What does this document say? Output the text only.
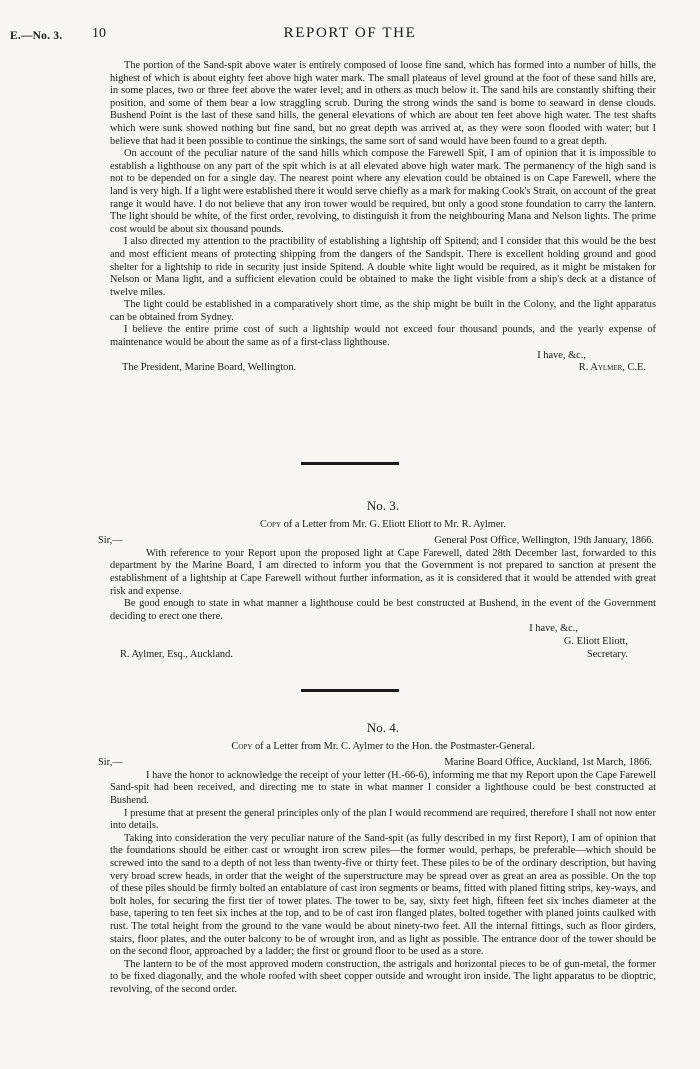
E.—No. 3. 10	REPORT OF THE

The portion of the Sand-spit above water is entirely composed of loose fine sand, which has formed into a number of hills, the highest of which is about eighty feet above high water mark. The small plateaus of level ground at the foot of these sand hills are, in some places, two or three feet above the water level; and in others as much below it. The sand hils are constantly shifting their position, and some of them bear a low straggling scrub. During the strong winds the sand is borne to seaward in dense clouds. Bushend Point is the last of these sand hills, the general elevations of which are about ten feet above high water. The test shafts which were sunk showed nothing but fine sand, but no great depth was arrived at, as they were soon flooded with water; but I believe that had it been possible to continue the sinkings, the same sort of sand would have been found to a great depth.

On account of the peculiar nature of the sand hills which compose the Farewell Spit, I am of opinion that it is impossible to establish a lighthouse on any part of the spit which is at all elevated above high water mark. The permanency of the high sand is not to be depended on for a single day. The nearest point where any elevation could be obtained is on Cape Farewell, where the land is very high. If a light were established there it would serve chiefly as a mark for making Cook's Strait, on account of the great range it would have. I do not believe that any iron tower would be required, but only a good stone foundation to carry the lantern. The light should be white, of the first order, revolving, to distinguish it from the neighbouring Mana and Nelson lights. The prime cost would be about six thousand pounds.

I also directed my attention to the practibility of establishing a lightship off Spitend; and I consider that this would be the best and most efficient means of protecting shipping from the dangers of the Sandspit. There is excellent holding ground and good shelter for a lightship to ride in security just inside Spitend. A double white light would be required, as it might be mistaken for Nelson or Mana light, and a sufficient elevation could be obtained to make the light visible from a ship's deck at a distance of twelve miles.

The light could be established in a comparatively short time, as the ship might be built in the Colony, and the light apparatus can be obtained from Sydney.

I believe the entire prime cost of such a lightship would not exceed four thousand pounds, and the yearly expense of maintenance would be about the same as of a first-class lighthouse.

I have, &c.,

The President, Marine Board, Wellington.	R. Aylmer, C.E.

No. 3.

Copy of a Letter from Mr. G. Eliott Eliott to Mr. R. Aylmer.

Sir,—	General Post Office, Wellington, 19th January, 1866.

With reference to your Report upon the proposed light at Cape Farewell, dated 28th December last, forwarded to this department by the Marine Board, I am directed to inform you that the Government is not prepared to sanction at present the establishment of a lightship at Cape Farewell without further information, as it is considered that it would be attended with great risk and expense.

Be good enough to state in what manner a lighthouse could be best constructed at Bushend, in the event of the Government deciding to erect one there.

I have, &c.,

G. Eliott Eliott,

R. Aylmer, Esq., Auckland.	Secretary.

No. 4.

Copy of a Letter from Mr. C. Aylmer to the Hon. the Postmaster-General.

Sir,—	Marine Board Office, Auckland, 1st March, 1866.

I have the honor to acknowledge the receipt of your letter (H.-66-6), informing me that my Report upon the Cape Farewell Sand-spit had been received, and directing me to state in what manner I consider a lighthouse could be best constructed at Bushend.

I presume that at present the general principles only of the plan I would recommend are required, therefore I shall not now enter into details.

Taking into consideration the very peculiar nature of the Sand-spit (as fully described in my first Report), I am of opinion that the foundations should be either cast or wrought iron screw piles—the former would, perhaps, be preferable—which should be screwed into the sand to a depth of not less than twenty-five or thirty feet. These piles to be of the ordinary description, but having very broad screw heads, in order that the weight of the superstructure may be spread over as great an area as possible. On the top of these piles should be firmly bolted an entablature of cast iron segments or beams, fitted with planed fitting strips, key-ways, and bolt holes, for securing the first tier of tower plates. The tower to be, say, sixty feet high, fifteen feet six inches diameter at the base, tapering to ten feet six inches at the top, and to be of cast iron flanged plates, bolted together with planed joints caulked with rust. The total height from the ground to the vane would be about ninety-two feet. All the internal fittings, such as floor girders, stairs, floor plates, and the outer balcony to be of wrought iron, and as light as possible. The entrance door of the tower should be on the second floor, approached by a ladder; the first or ground floor to be used as a store.

The lantern to be of the most approved modern construction, the astrigals and horizontal pieces to be of gun-metal, the former to be fixed diagonally, and the whole roofed with sheet copper outside and wrought iron inside. The light apparatus to be dioptric, revolving, of the second order.
